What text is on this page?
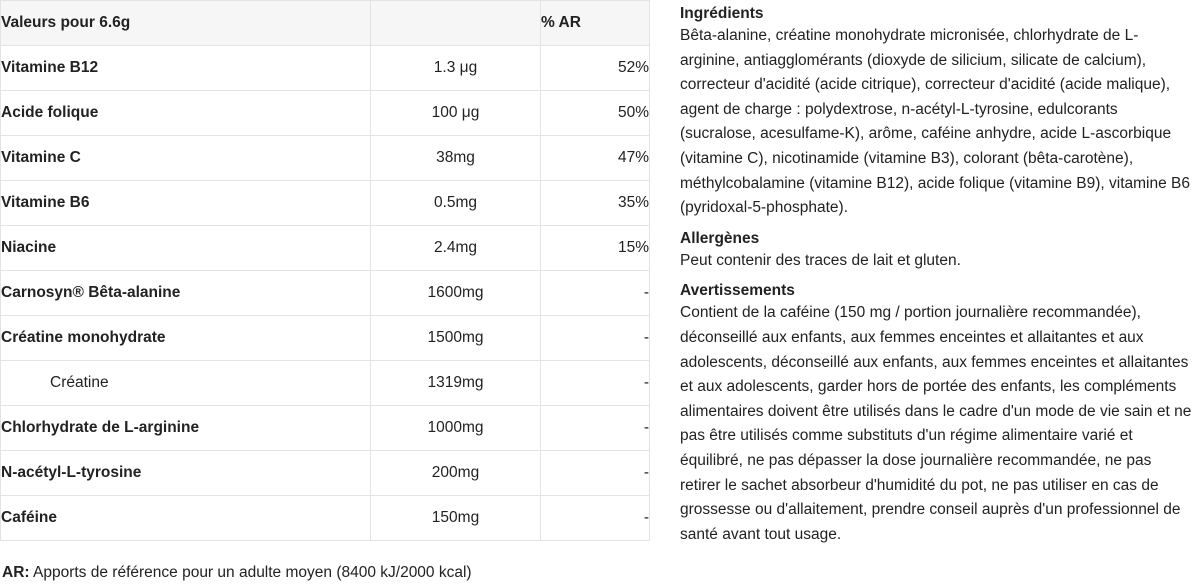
Valeurs pour 6.6g		% AR
Vitamine B12	1.3 μg	52%
Acide folique	100 μg	50%
Vitamine C	38mg	47%
Vitamine B6	0.5mg	35%
Niacine	2.4mg	15%
Carnosyn® Bêta-alanine	1600mg	-
Créatine monohydrate	1500mg	-
Créatine	1319mg	-
Chlorhydrate de L-arginine	1000mg	-
N-acétyl-L-tyrosine	200mg	-
Caféine	150mg	-
AR: Apports de référence pour un adulte moyen (8400 kJ/2000 kcal)
Ingrédients

Bêta-alanine, créatine monohydrate micronisée, chlorhydrate de L-arginine, antiagglomérants (dioxyde de silicium, silicate de calcium), correcteur d'acidité (acide citrique), correcteur d'acidité (acide malique), agent de charge : polydextrose, n-acétyl-L-tyrosine, edulcorants (sucralose, acesulfame-K), arôme, caféine anhydre, acide L-ascorbique (vitamine C), nicotinamide (vitamine B3), colorant (bêta-carotène), méthylcobalamine (vitamine B12), acide folique (vitamine B9), vitamine B6 (pyridoxal-5-phosphate).

Allergènes

Peut contenir des traces de lait et gluten.

Avertissements

Contient de la caféine (150 mg / portion journalière recommandée), déconseillé aux enfants, aux femmes enceintes et allaitantes et aux adolescents, déconseillé aux enfants, aux femmes enceintes et allaitantes et aux adolescents, garder hors de portée des enfants, les compléments alimentaires doivent être utilisés dans le cadre d'un mode de vie sain et ne pas être utilisés comme substituts d'un régime alimentaire varié et équilibré, ne pas dépasser la dose journalière recommandée, ne pas retirer le sachet absorbeur d'humidité du pot, ne pas utiliser en cas de grossesse ou d'allaitement, prendre conseil auprès d'un professionnel de santé avant tout usage.
